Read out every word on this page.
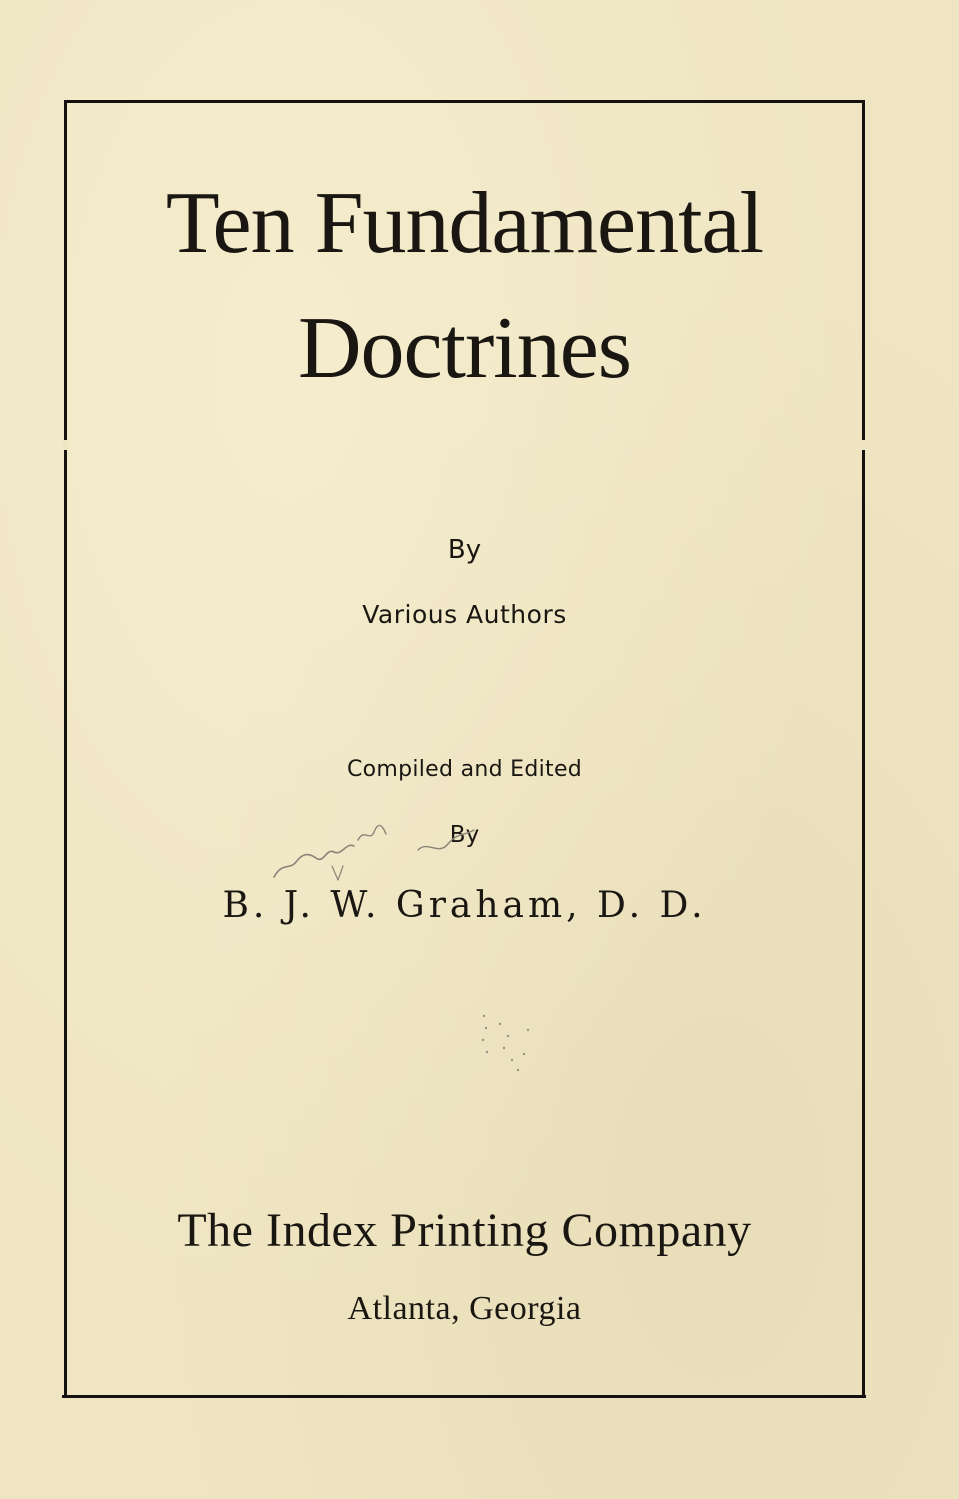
Ten Fundamental
Doctrines
By
Various Authors
Compiled and Edited
By
B. J. W. Graham, D. D.
The Index Printing Company
Atlanta, Georgia
